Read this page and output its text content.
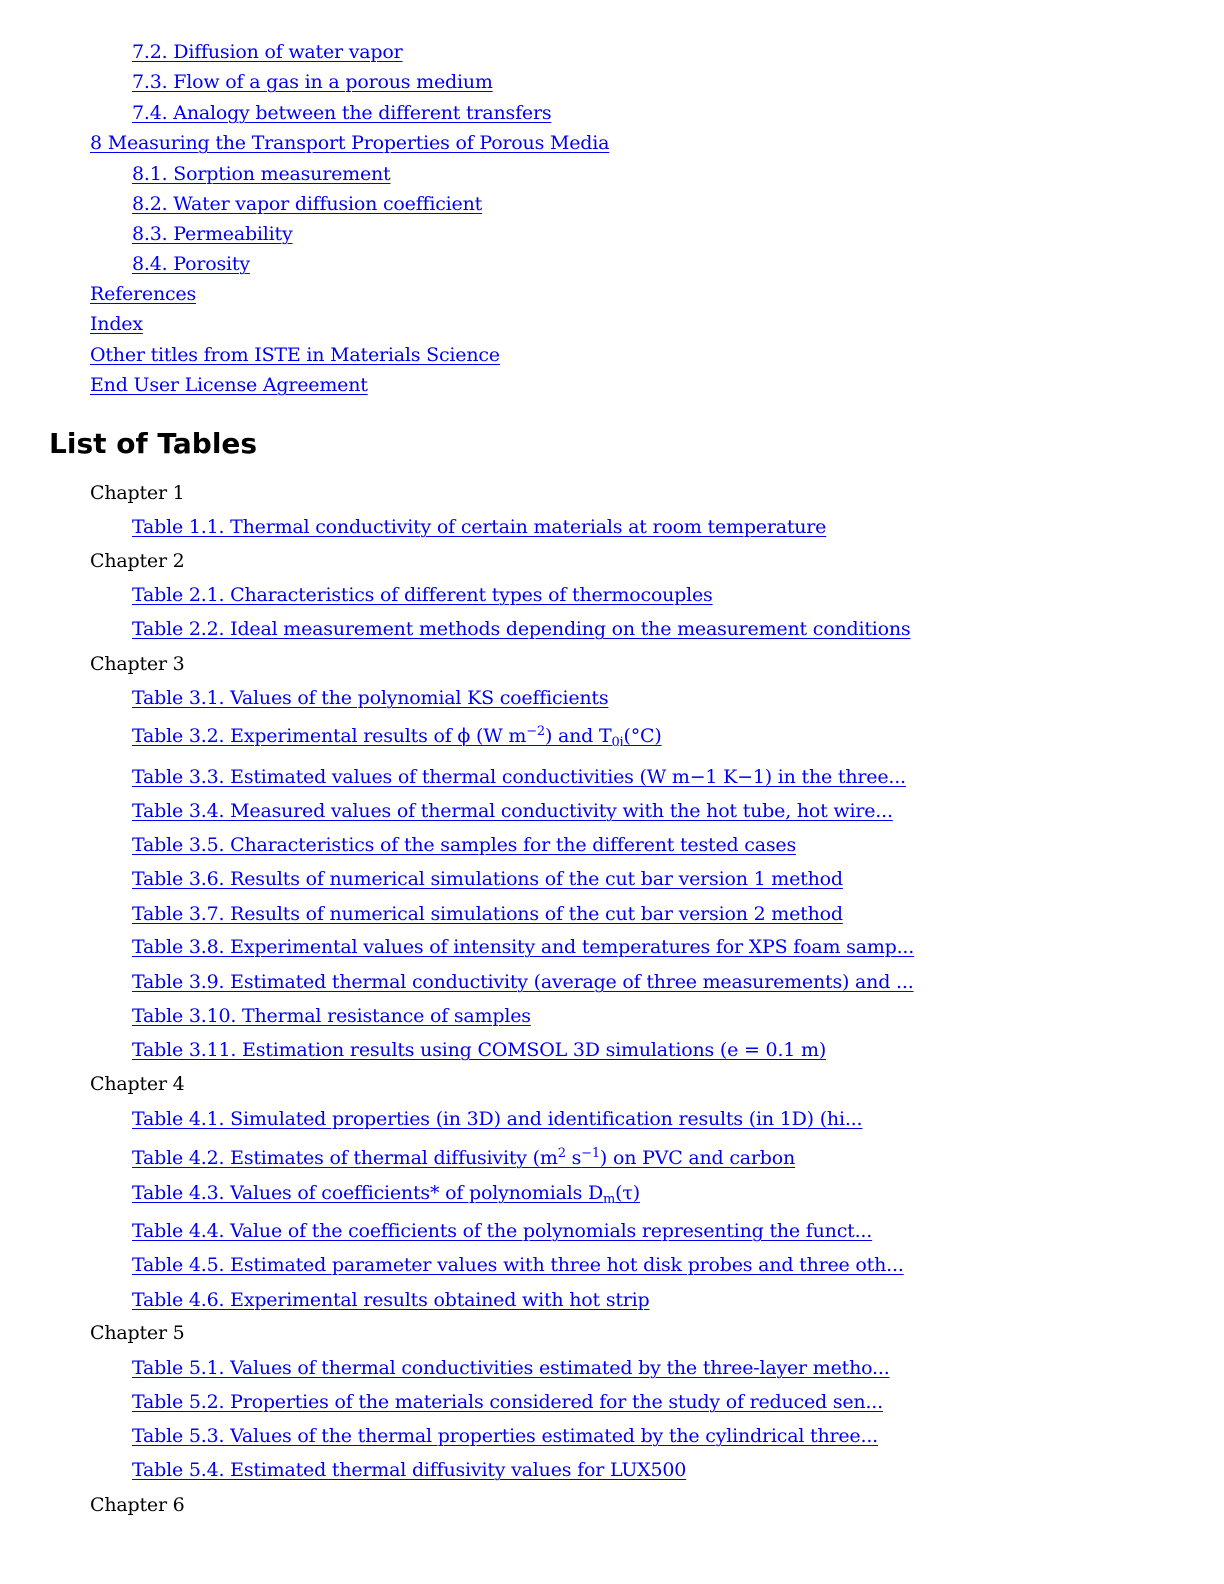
7.2. Diffusion of water vapor
7.3. Flow of a gas in a porous medium
7.4. Analogy between the different transfers
8 Measuring the Transport Properties of Porous Media
8.1. Sorption measurement
8.2. Water vapor diffusion coefficient
8.3. Permeability
8.4. Porosity
References
Index
Other titles from ISTE in Materials Science
End User License Agreement
List of Tables
Chapter 1
Table 1.1. Thermal conductivity of certain materials at room temperature
Chapter 2
Table 2.1. Characteristics of different types of thermocouples
Table 2.2. Ideal measurement methods depending on the measurement conditions
Chapter 3
Table 3.1. Values of the polynomial KS coefficients
Table 3.2. Experimental results of ϕ (W m$^{-2}$) and $T_{0i}(^\circ C)$
Table 3.3. Estimated values of thermal conductivities (W m−1 K−1) in the three...
Table 3.4. Measured values of thermal conductivity with the hot tube, hot wire...
Table 3.5. Characteristics of the samples for the different tested cases
Table 3.6. Results of numerical simulations of the cut bar version 1 method
Table 3.7. Results of numerical simulations of the cut bar version 2 method
Table 3.8. Experimental values of intensity and temperatures for XPS foam samp...
Table 3.9. Estimated thermal conductivity (average of three measurements) and ...
Table 3.10. Thermal resistance of samples
Table 3.11. Estimation results using COMSOL 3D simulations (e = 0.1 m)
Chapter 4
Table 4.1. Simulated properties (in 3D) and identification results (in 1D) (hi...
Table 4.2. Estimates of thermal diffusivity (m$^2$ s$^{-1}$) on PVC and carbon
Table 4.3. Values of coefficients* of polynomials $D_m(\tau)$
Table 4.4. Value of the coefficients of the polynomials representing the funct...
Table 4.5. Estimated parameter values with three hot disk probes and three oth...
Table 4.6. Experimental results obtained with hot strip
Chapter 5
Table 5.1. Values of thermal conductivities estimated by the three-layer metho...
Table 5.2. Properties of the materials considered for the study of reduced sen...
Table 5.3. Values of the thermal properties estimated by the cylindrical three...
Table 5.4. Estimated thermal diffusivity values for LUX500
Chapter 6
